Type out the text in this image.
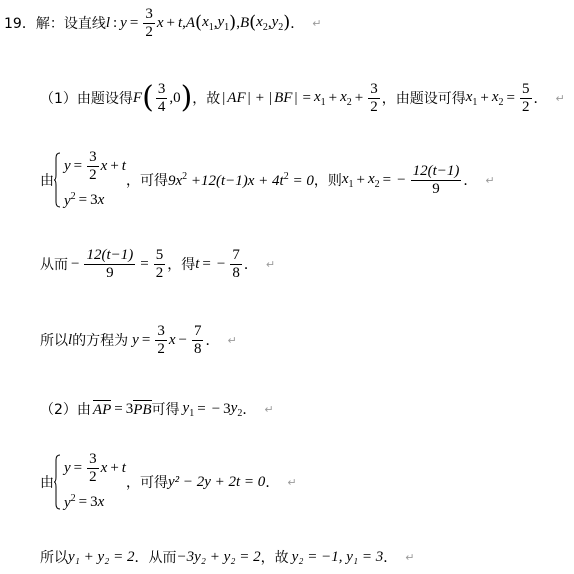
19． 解： 设直线 l : $y = \frac{3}{2}$ x + t , A ( $x_1$ , $y_1$ ) , B ( $x_2$ , $y_2$ ) ． ↵
（1） 由题设得 F ( $\frac{3}{4} ,0$ ) ，故 | AF | + | BF | = $x_1 + x_2 + \frac{3}{2}$ ，由题设可得 $x_1 + x_2 = \frac{5}{2}$ ． ↵
由
$y = \frac{3}{2}$ x + t
$y^2 = 3$ x
，可得 $9x^2 +12(t-1)x + 4t^2 = 0$ ，则 $x_1 + x_2$ = − $\frac{12(t-1)}{9}$ ． ↵
从而 − $\frac{12(t-1)}{9} = \frac{5}{2}$ ，得 t = − $\frac{7}{8}$ ． ↵
所以 l 的方程为 $y = \frac{3}{2}$ $x - \frac{7}{8}$ ． ↵
（2）由 AP = 3 PB 可得 $y_1$ = − 3 $y_2$ ． ↵
由
$y = \frac{3}{2}$ x + t
$y^2 = 3$ x
，可得 y² − 2y + 2t = 0 ． ↵
所以 y₁ + y₂ = 2 ． 从而 −3y₂ + y₂ = 2 ，故 y₂ = −1, y₁ = 3 ． ↵
